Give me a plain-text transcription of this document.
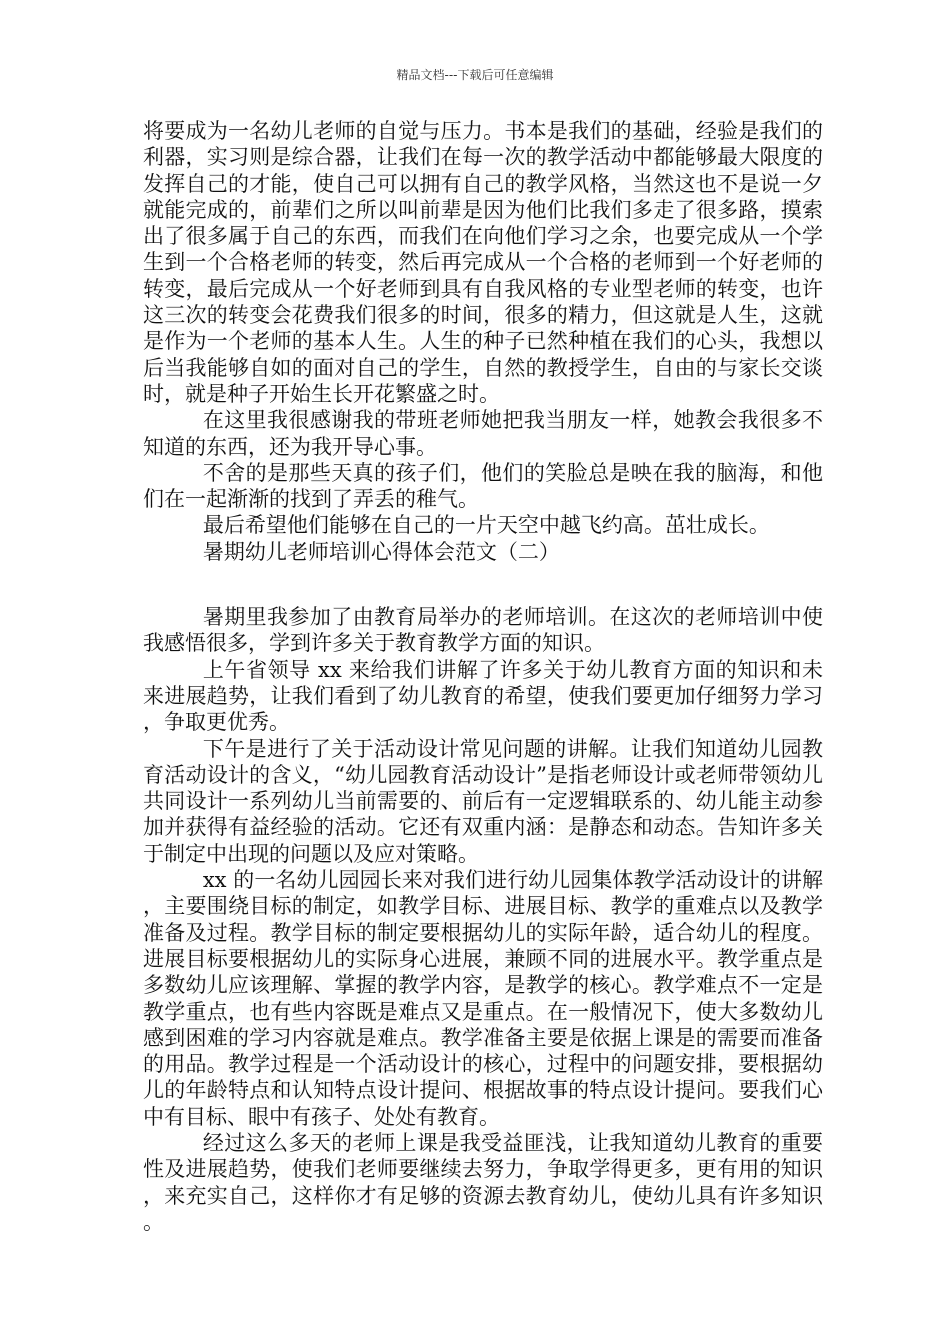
精品文档---下载后可任意编辑

将要成为一名幼儿老师的自觉与压力。书本是我们的基础，经验是我们的利器，实习则是综合器，让我们在每一次的教学活动中都能够最大限度的发挥自己的才能，使自己可以拥有自己的教学风格，当然这也不是说一夕就能完成的，前辈们之所以叫前辈是因为他们比我们多走了很多路，摸索出了很多属于自己的东西，而我们在向他们学习之余，也要完成从一个学生到一个合格老师的转变，然后再完成从一个合格的老师到一个好老师的转变，最后完成从一个好老师到具有自我风格的专业型老师的转变，也许这三次的转变会花费我们很多的时间，很多的精力，但这就是人生，这就是作为一个老师的基本人生。人生的种子已然种植在我们的心头，我想以后当我能够自如的面对自己的学生，自然的教授学生，自由的与家长交谈时，就是种子开始生长开花繁盛之时。

在这里我很感谢我的带班老师她把我当朋友一样，她教会我很多不知道的东西，还为我开导心事。

不舍的是那些天真的孩子们，他们的笑脸总是映在我的脑海，和他们在一起渐渐的找到了弄丢的稚气。

最后希望他们能够在自己的一片天空中越飞约高。茁壮成长。

暑期幼儿老师培训心得体会范文（二）

暑期里我参加了由教育局举办的老师培训。在这次的老师培训中使我感悟很多，学到许多关于教育教学方面的知识。

上午省领导 xx 来给我们讲解了许多关于幼儿教育方面的知识和未来进展趋势，让我们看到了幼儿教育的希望，使我们要更加仔细努力学习，争取更优秀。

下午是进行了关于活动设计常见问题的讲解。让我们知道幼儿园教育活动设计的含义，“幼儿园教育活动设计”是指老师设计或老师带领幼儿共同设计一系列幼儿当前需要的、前后有一定逻辑联系的、幼儿能主动参加并获得有益经验的活动。它还有双重内涵：是静态和动态。告知许多关于制定中出现的问题以及应对策略。

xx 的一名幼儿园园长来对我们进行幼儿园集体教学活动设计的讲解，主要围绕目标的制定，如教学目标、进展目标、教学的重难点以及教学准备及过程。教学目标的制定要根据幼儿的实际年龄，适合幼儿的程度。进展目标要根据幼儿的实际身心进展，兼顾不同的进展水平。教学重点是多数幼儿应该理解、掌握的教学内容，是教学的核心。教学难点不一定是教学重点，也有些内容既是难点又是重点。在一般情况下，使大多数幼儿感到困难的学习内容就是难点。教学准备主要是依据上课是的需要而准备的用品。教学过程是一个活动设计的核心，过程中的问题安排，要根据幼儿的年龄特点和认知特点设计提问、根据故事的特点设计提问。要我们心中有目标、眼中有孩子、处处有教育。

经过这么多天的老师上课是我受益匪浅，让我知道幼儿教育的重要性及进展趋势，使我们老师要继续去努力，争取学得更多，更有用的知识，来充实自己，这样你才有足够的资源去教育幼儿，使幼儿具有许多知识。
